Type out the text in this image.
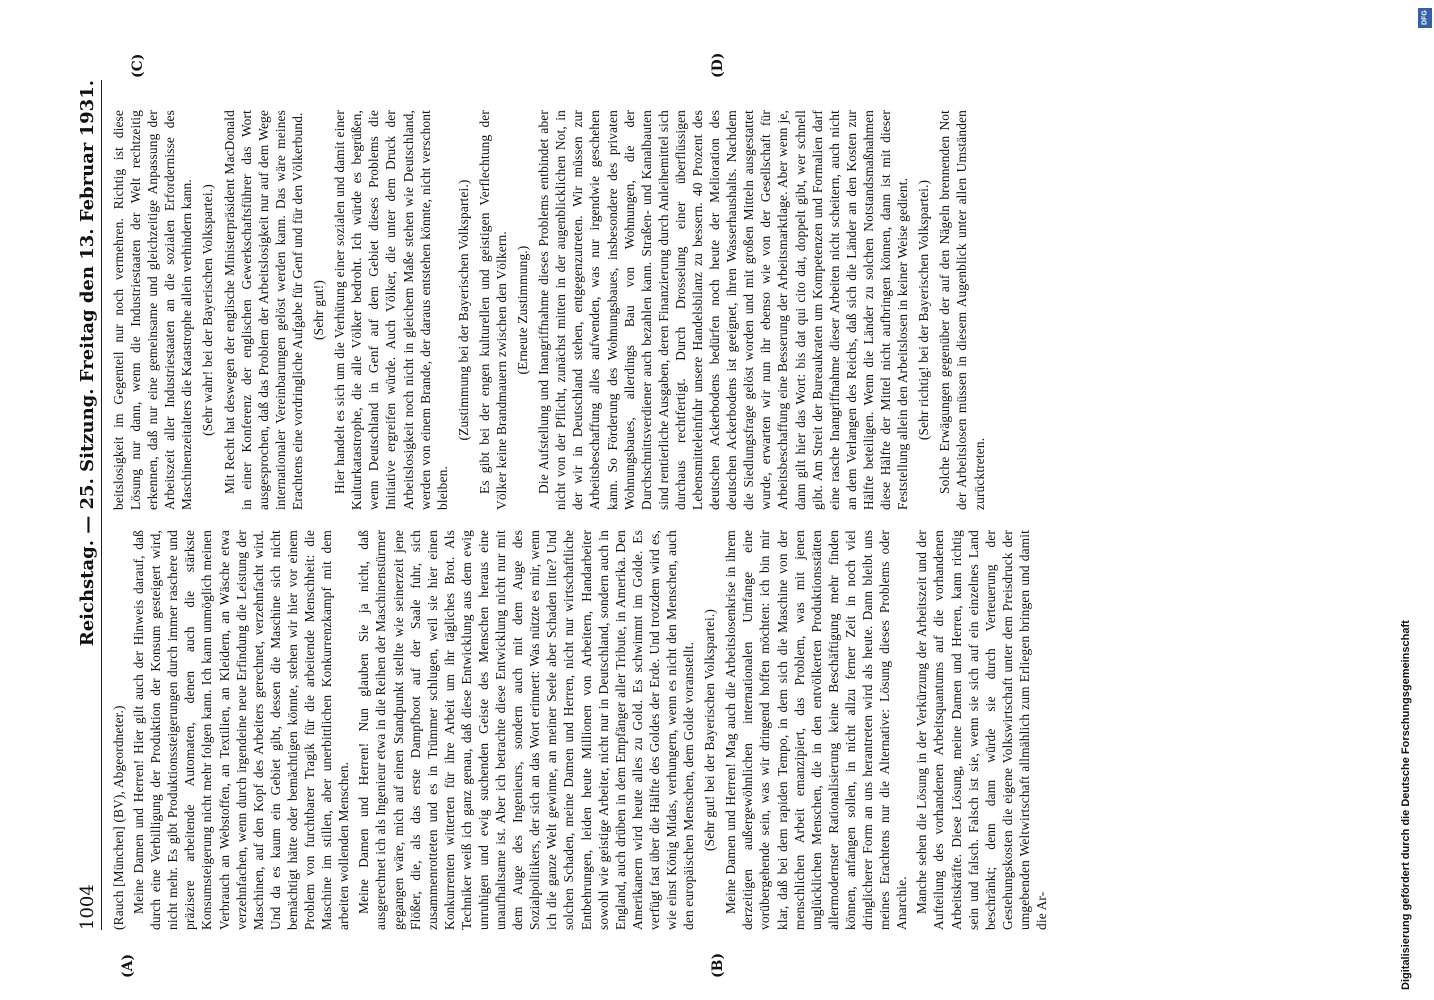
1004
Reichstag. — 25. Sitzung. Freitag den 13. Februar 1931.
(A)	(B)
(C)	(D)

(Rauch [München] (BV), Abgeordneter.) Meine Damen und Herren! Hier gilt auch der Hinweis darauf, daß durch eine Verbilligung der Produktion der Konsum gesteigert wird, nicht mehr. Es gibt Produktionssteigerungen durch immer raschere und präzisere arbeitende Automaten, denen auch die stärkste Konsumsteigerung nicht mehr folgen kann. Ich kann unmöglich meinen Verbrauch an Webstoffen, an Textilien, an Kleidern, an Wäsche etwa verzehnfachen, wenn durch irgendeine neue Erfindung die Leistung der Maschinen, auf den Kopf des Arbeiters gerechnet, verzehnfacht wird. Und da es kaum ein Gebiet gibt, dessen die Maschine sich nicht bemächtigt hätte oder bemächtigen könnte, stehen wir hier vor einem Problem von furchtbarer Tragik für die arbeitende Menschheit: die Maschine im stillen, aber unerbittlichen Konkurrenzkampf mit dem arbeiten wollenden Menschen. Meine Damen und Herren! Nun glauben Sie ja nicht, daß ausgerechnet ich als Ingenieur etwa in die Reihen der Maschinenstürmer gegangen wäre, mich auf einen Standpunkt stellte wie seinerzeit jene Flößer, die, als das erste Dampfboot auf der Saale fuhr, sich zusammenrotteten und es in Trümmer schlugen, weil sie hier einen Konkurrenten witterten für ihre Arbeit um ihr tägliches Brot. Als Techniker weiß ich ganz genau, daß diese Entwicklung aus dem ewig unruhigen und ewig suchenden Geiste des Menschen heraus eine unaufhaltsame ist. Aber ich betrachte diese Entwicklung nicht nur mit dem Auge des Ingenieurs, sondern auch mit dem Auge des Sozialpolitikers, der sich an das Wort erinnert: Was nützte es mir, wenn ich die ganze Welt gewinne, an meiner Seele aber Schaden litte? Und solchen Schaden, meine Damen und Herren, nicht nur wirtschaftliche Entbehrungen, leiden heute Millionen von Arbeitern, Handarbeiter sowohl wie geistige Arbeiter, nicht nur in Deutschland, sondern auch in England, auch drüben in dem Empfänger aller Tribute, in Amerika. Den Amerikanern wird heute alles zu Gold. Es schwimmt im Golde. Es verfügt fast über die Hälfte des Goldes der Erde. Und trotzdem wird es, wie einst König Midas, verhungern, wenn es nicht den Menschen, auch den europäischen Menschen, dem Golde voranstellt. (Sehr gut! bei der Bayerischen Volkspartei.) Meine Damen und Herren! Mag auch die Arbeitslosenkrise in ihrem derzeitigen außergewöhnlichen internationalen Umfange eine vorübergehende sein, was wir dringend hoffen möchten: ich bin mir klar, daß bei dem rapiden Tempo, in dem sich die Maschine von der menschlichen Arbeit emanzipiert, das Problem, was mit jenen unglücklichen Menschen, die in den entvölkerten Produktionsstätten allermodernster Rationalisierung keine Beschäftigung mehr finden können, anfangen sollen, in nicht allzu ferner Zeit in noch viel dringlicherer Form an uns herantreten wird als heute. Dann bleibt uns meines Erachtens nur die Alternative: Lösung dieses Problems oder Anarchie. Manche sehen die Lösung in der Verkürzung der Arbeitszeit und der Aufteilung des vorhandenen Arbeitsquantums auf die vorhandenen Arbeitskräfte. Diese Lösung, meine Damen und Herren, kann richtig sein und falsch. Falsch ist sie, wenn sie sich auf ein einzelnes Land beschränkt; denn dann würde sie durch Verteuerung der Gestehungskosten die eigene Volkswirtschaft unter dem Preisdruck der umgebenden Weltwirtschaft allmählich zum Erliegen bringen und damit die Ar-

beitslosigkeit im Gegenteil nur noch vermehren. Richtig ist diese Lösung nur dann, wenn die Industriestaaten der Welt rechtzeitig erkennen, daß nur eine gemeinsame und gleichzeitige Anpassung der Arbeitszeit aller Industriestaaten an die sozialen Erfordernisse des Maschinenzeitalters die Katastrophe allein verhindern kann. (Sehr wahr! bei der Bayerischen Volkspartei.) Mit Recht hat deswegen der englische Ministerpräsident MacDonald in einer Konferenz der englischen Gewerkschaftsführer das Wort ausgesprochen, daß das Problem der Arbeitslosigkeit nur auf dem Wege internationaler Vereinbarungen gelöst werden kann. Das wäre meines Erachtens eine vordringliche Aufgabe für Genf und für den Völkerbund. (Sehr gut!) Hier handelt es sich um die Verhütung einer sozialen und damit einer Kulturkatastrophe, die alle Völker bedroht. Ich würde es begrüßen, wenn Deutschland in Genf auf dem Gebiet dieses Problems die Initiative ergreifen würde. Auch Völker, die unter dem Druck der Arbeitslosigkeit noch nicht in gleichem Maße stehen wie Deutschland, werden von einem Brande, der daraus entstehen könnte, nicht verschont bleiben.

(Zustimmung bei der Bayerischen Volkspartei.) Es gibt bei der engen kulturellen und geistigen Verflechtung der Völker keine Brandmauern zwischen den Völkern. (Erneute Zustimmung.) Die Aufstellung und Inangriffnahme dieses Problems entbindet aber nicht von der Pflicht, zunächst mitten in der augenblicklichen Not, in der wir in Deutschland stehen, entgegenzutreten. Wir müssen zur Arbeitsbeschaffung alles aufwenden, was nur irgendwie geschehen kann. So Förderung des Wohnungsbaues, insbesondere des privaten Wohnungsbaues, allerdings Bau von Wohnungen, die der Durchschnittsverdiener auch bezahlen kann. Straßen- und Kanalbauten sind rentierliche Ausgaben, deren Finanzierung durch Anleihemittel sich durchaus rechtfertigt. Durch Drosselung einer überflüssigen Lebensmitteleinfuhr unsere Handelsbilanz zu bessern. 40 Prozent des deutschen Ackerbodens bedürfen noch heute der Melioration des deutschen Ackerbodens ist geeignet, ihren Wasserhaushalts. Nachdem die Siedlungsfrage gelöst worden und mit großen Mitteln ausgestattet wurde, erwarten wir nun ihr ebenso wie von der Gesellschaft für Arbeitsbeschaffung eine Besserung der Arbeitsmarktlage. Aber wenn je, dann gilt hier das Wort: bis dat qui cito dat, doppelt gibt, wer schnell gibt. Am Streit der Bureaukraten um Kompetenzen und Formalien darf eine rasche Inangriffnahme dieser Arbeiten nicht scheitern, auch nicht an dem Verlangen des Reichs, daß sich die Länder an den Kosten zur Hälfte beteiligen. Wenn die Länder zu solchen Notstandsmaßnahmen diese Hälfte der Mittel nicht aufbringen können, dann ist mit dieser Feststellung allein den Arbeitslosen in keiner Weise gedient. (Sehr richtig! bei der Bayerischen Volkspartei.) Solche Erwägungen gegenüber der auf den Nägeln brennenden Not der Arbeitslosen müssen in diesem Augenblick unter allen Umständen zurücktreten.

Digitalisierung gefördert durch die Deutsche Forschungsgemeinschaft
DFG
